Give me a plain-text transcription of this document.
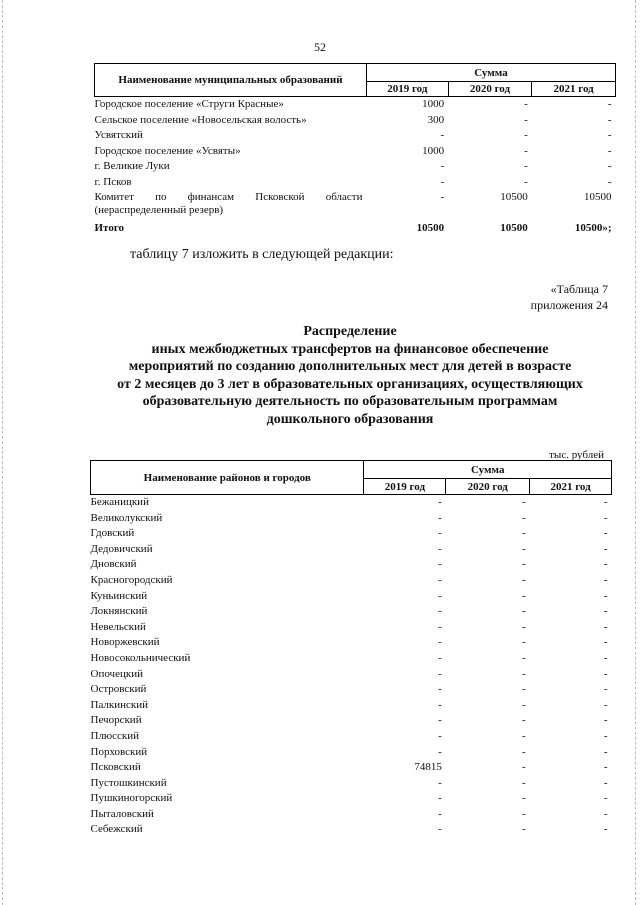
52
Наименование муниципальных образований	Сумма		
	2019 год	2020 год	2021 год
Городское поселение «Струги Красные»	1000	-	-
Сельское поселение «Новосельская волость»	300	-	-
Усвятский	-	-	-
Городское поселение «Усвяты»	1000	-	-
г. Великие Луки	-	-	-
г. Псков	-	-	-

Комитет по финансам Псковской области
(нераспределенный резерв)	-	10500	10500
Итого	10500	10500	10500»;
таблицу 7 изложить в следующей редакции:
«Таблица 7
приложения 24
Распределение
иных межбюджетных трансфертов на финансовое обеспечение
мероприятий по созданию дополнительных мест для детей в возрасте
от 2 месяцев до 3 лет в образовательных организациях, осуществляющих
образовательную деятельность по образовательным программам
дошкольного образования
тыс. рублей
Наименование районов и городов	Сумма		
	2019 год	2020 год	2021 год
Бежаницкий	-	-	-
Великолукский	-	-	-
Гдовский	-	-	-
Дедовичский	-	-	-
Дновский	-	-	-
Красногородский	-	-	-
Куньинский	-	-	-
Локнянский	-	-	-
Невельский	-	-	-
Новоржевский	-	-	-
Новосокольнический	-	-	-
Опочецкий	-	-	-
Островский	-	-	-
Палкинский	-	-	-
Печорский	-	-	-
Плюсский	-	-	-
Порховский	-	-	-
Псковский	74815	-	-
Пустошкинский	-	-	-
Пушкиногорский	-	-	-
Пыталовский	-	-	-
Себежский	-	-	-
